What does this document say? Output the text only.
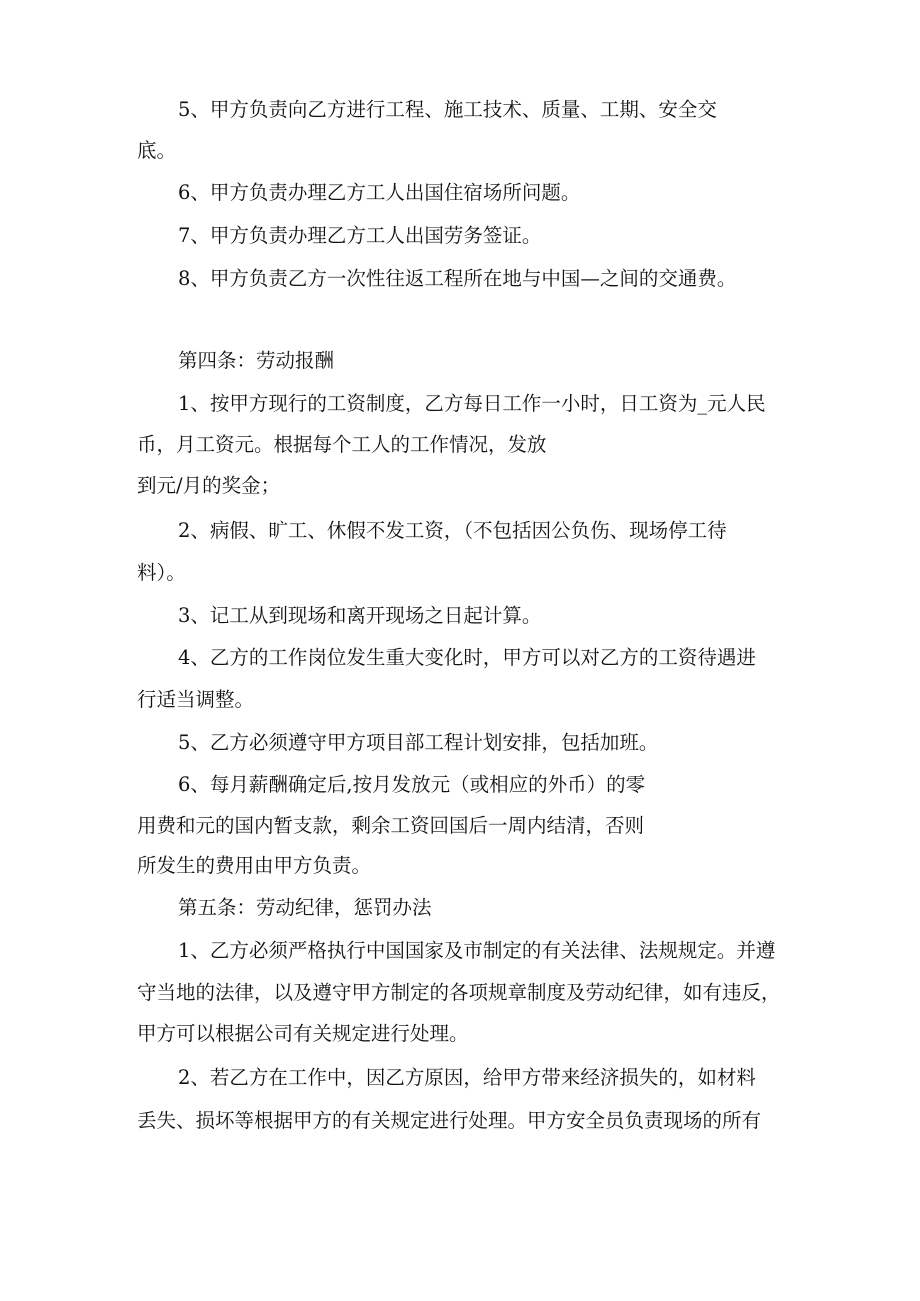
5、甲方负责向乙方进行工程、施工技术、质量、工期、安全交

底。

6、甲方负责办理乙方工人出国住宿场所问题。

7、甲方负责办理乙方工人出国劳务签证。

8、甲方负责乙方一次性往返工程所在地与中国—之间的交通费。

第四条：劳动报酬

1、按甲方现行的工资制度，乙方每日工作一小时，日工资为_元人民

币，月工资元。根据每个工人的工作情况，发放

到元/月的奖金；

2、病假、旷工、休假不发工资，（不包括因公负伤、现场停工待

料）。

3、记工从到现场和离开现场之日起计算。

4、乙方的工作岗位发生重大变化时，甲方可以对乙方的工资待遇进

行适当调整。

5、乙方必须遵守甲方项目部工程计划安排，包括加班。

6、每月薪酬确定后,按月发放元（或相应的外币）的零

用费和元的国内暂支款，剩余工资回国后一周内结清，否则

所发生的费用由甲方负责。

第五条：劳动纪律，惩罚办法

1、乙方必须严格执行中国国家及市制定的有关法律、法规规定。并遵

守当地的法律，以及遵守甲方制定的各项规章制度及劳动纪律，如有违反，

甲方可以根据公司有关规定进行处理。

2、若乙方在工作中，因乙方原因，给甲方带来经济损失的，如材料

丢失、损坏等根据甲方的有关规定进行处理。甲方安全员负责现场的所有
